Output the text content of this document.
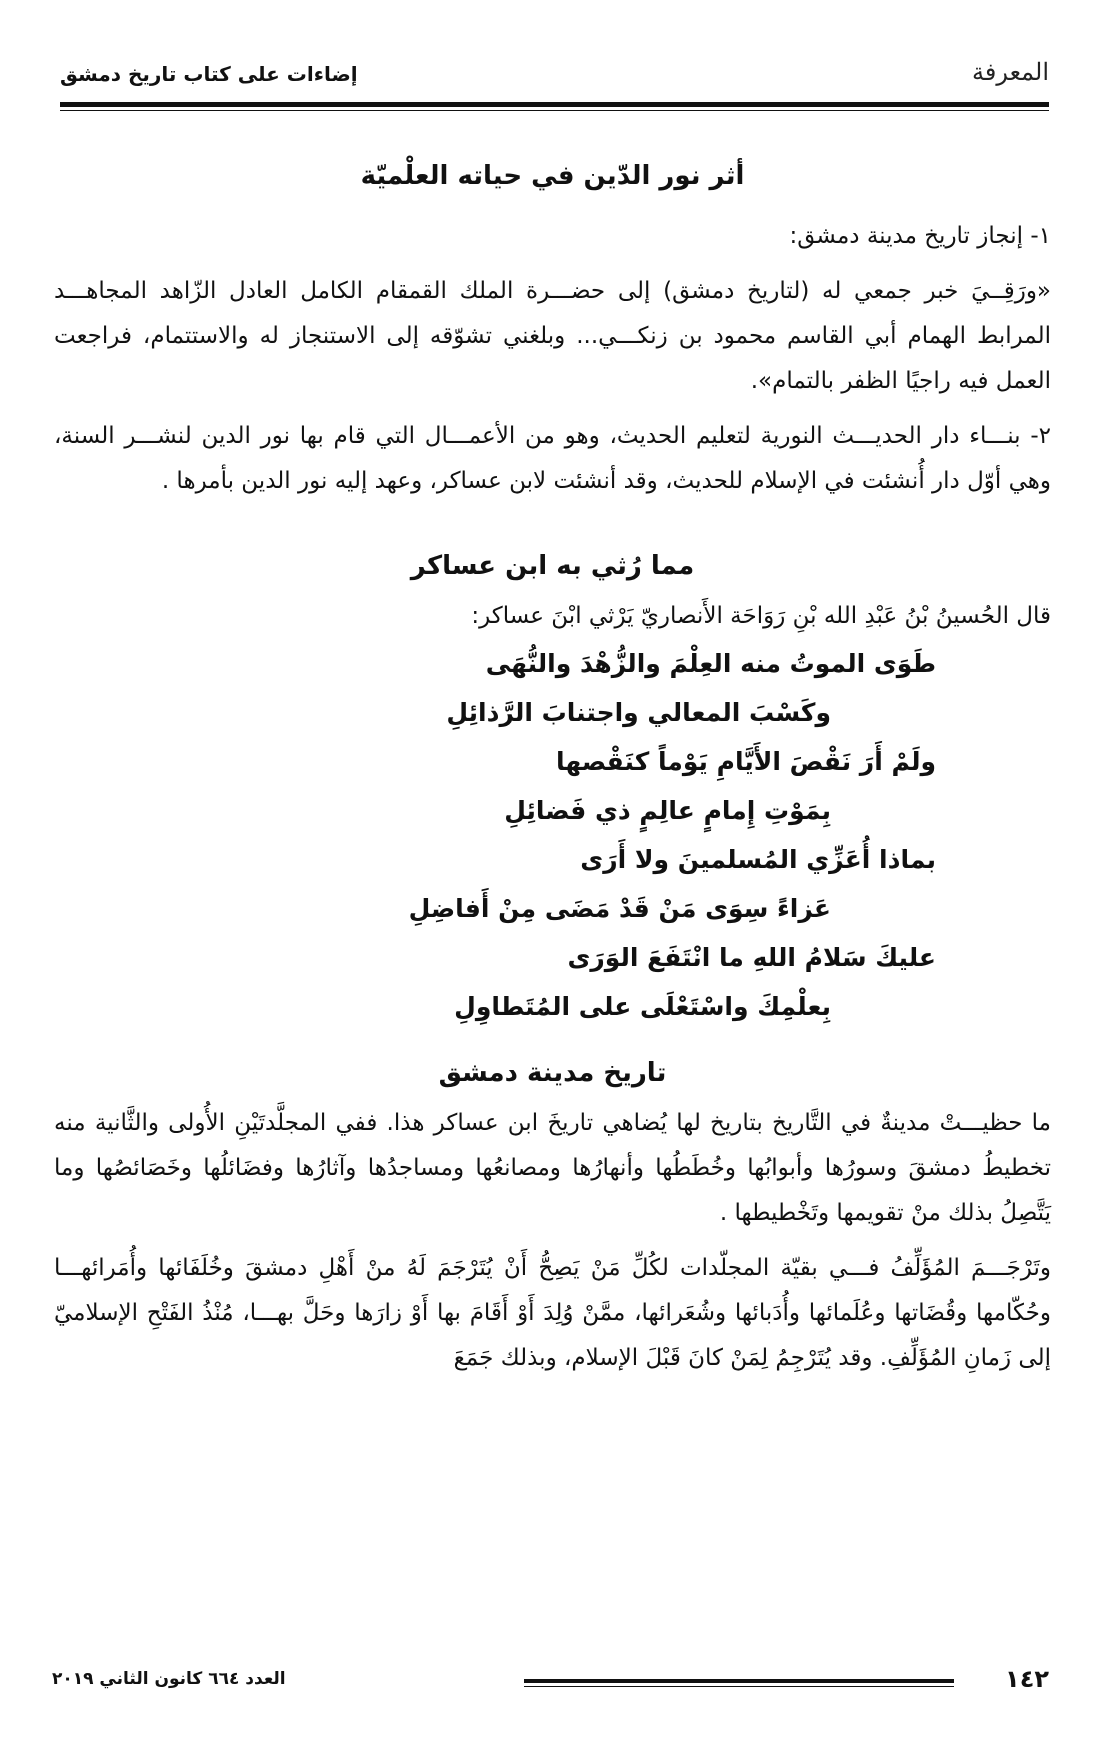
المعرفة
إضاءات على كتاب تاريخ دمشق
أثر نور الدّين في حياته العلْميّة

١- إنجاز تاريخ مدينة دمشق:

«ورَقِــيَ خبر جمعي له (لتاريخ دمشق) إلى حضـــرة الملك القمقام الكامل العادل الزّاهد المجاهـــد المرابط الهمام أبي القاسم محمود بن زنكـــي... وبلغني تشوّقه إلى الاستنجاز له والاستتمام، فراجعت العمل فيه راجيًا الظفر بالتمام».

٢- بنـــاء دار الحديـــث النورية لتعليم الحديث، وهو من الأعمـــال التي قام بها نور الدين لنشـــر السنة، وهي أوّل دار أُنشئت في الإسلام للحديث، وقد أنشئت لابن عساكر، وعهد إليه نور الدين بأمرها .

مما رُثي به ابن عساكر

قال الحُسينُ بْنُ عَبْدِ الله بْنِ رَوَاحَة الأَنصاريّ يَرْثي ابْنَ عساكر:

طَوَى الموتُ منه العِلْمَ والزُّهْدَ والنُّهَى
وكَسْبَ المعالي واجتنابَ الرَّذائِلِ
ولَمْ أَرَ نَقْصَ الأَيَّامِ يَوْماً كنَقْصها
بِمَوْتِ إِمامٍ عالِمٍ ذي فَضائِلِ
بماذا أُعَزِّي المُسلمينَ ولا أَرَى
عَزاءً سِوَى مَنْ قَدْ مَضَى مِنْ أَفاضِلِ
عليكَ سَلامُ اللهِ ما انْتَفَعَ الوَرَى
بِعلْمِكَ واسْتَعْلَى على المُتَطاوِلِ
تاريخ مدينة دمشق

ما حظيـــتْ مدينةٌ في التَّاريخ بتاريخ لها يُضاهي تاريخَ ابن عساكر هذا. ففي المجلَّدتَيْنِ الأُولى والثَّانية منه تخطيطُ دمشقَ وسورُها وأبوابُها وخُطَطُها وأنهارُها ومصانعُها ومساجدُها وآثارُها وفضَائلُها وخَصَائصُها وما يَتَّصِلُ بذلك منْ تقويمها وتَخْطيطها .

وتَرْجَـــمَ المُؤَلِّفُ فـــي بقيّة المجلّدات لكُلِّ مَنْ يَصِحُّ أَنْ يُتَرْجَمَ لَهُ منْ أَهْلِ دمشقَ وخُلَفَائها وأُمَرائهـــا وحُكّامها وقُضَاتها وعُلَمائها وأُدَبائها وشُعَرائها، ممَّنْ وُلِدَ أَوْ أَقَامَ بها أَوْ زارَها وحَلَّ بهـــا، مُنْذُ الفَتْحِ الإسلاميّ إلى زَمانِ المُؤَلِّفِ. وقد يُتَرْجِمُ لِمَنْ كانَ قَبْلَ الإسلام، وبذلك جَمَعَ

١٤٢
العدد ٦٦٤ كانون الثاني ٢٠١٩
